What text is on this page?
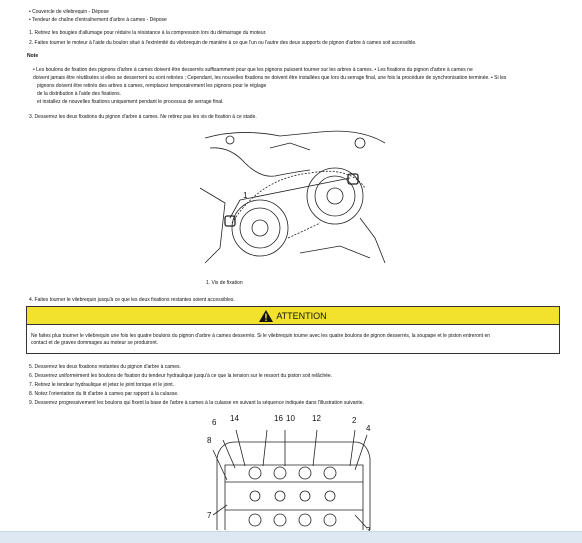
• Couvercle de vilebrequin - Dépose
• Tendeur de chaîne d'entraînement d'arbre à cames - Dépose
1. Retirez les bougies d'allumage pour réduire la résistance à la compression lors du démarrage du moteur.
2. Faites tourner le moteur à l'aide du boulon situé à l'extrémité du vilebrequin de manière à ce que l'un ou l'autre des deux supports de pignon d'arbre à cames soit accessible.
Note
• Les boulons de fixation des pignons d'arbre à cames doivent être desserrés suffisamment pour que les pignons puissent tourner sur les arbres à cames. • Les fixations du pignon d'arbre à cames ne
doivent jamais être réutilisées si elles se desserrent ou sont retirées ; Cependant, les nouvelles fixations ne doivent être installées que lors du serrage final, une fois la procédure de synchronisation terminée. • Si les
pignons doivent être retirés des arbres à cames, remplacez temporairement les pignons pour le réglage
de la distribution à l'aide des fixations.
et installez de nouvelles fixations uniquement pendant le processus de serrage final.
3. Desserrez les deux fixations du pignon d'arbre à cames. Ne retirez pas les vis de fixation à ce stade.
1
1. Vis de fixation
4. Faites tourner le vilebrequin jusqu'à ce que les deux fixations restantes soient accessibles.
ATTENTION
Ne faites plus tourner le vilebrequin une fois les quatre boulons du pignon d'arbre à cames desserrés. Si le vilebrequin tourne avec les quatre boulons de pignon desserrés, la soupape et le piston entreront en
contact et de graves dommages au moteur se produiront.
5. Desserrez les deux fixations restantes du pignon d'arbre à cames.
6. Desserrez uniformément les boulons de fixation du tendeur hydraulique jusqu'à ce que la tension sur le ressort du piston soit relâchée.
7. Retirez le tendeur hydraulique et jetez le joint torique et le joint.
8. Notez l'orientation du lit d'arbre à cames par rapport à la culasse.
9. Desserrez progressivement les boulons qui fixent la base de l'arbre à cames à la culasse en suivant la séquence indiquée dans l'illustration suivante.
6 14	16 10 12	2
4
8
7
